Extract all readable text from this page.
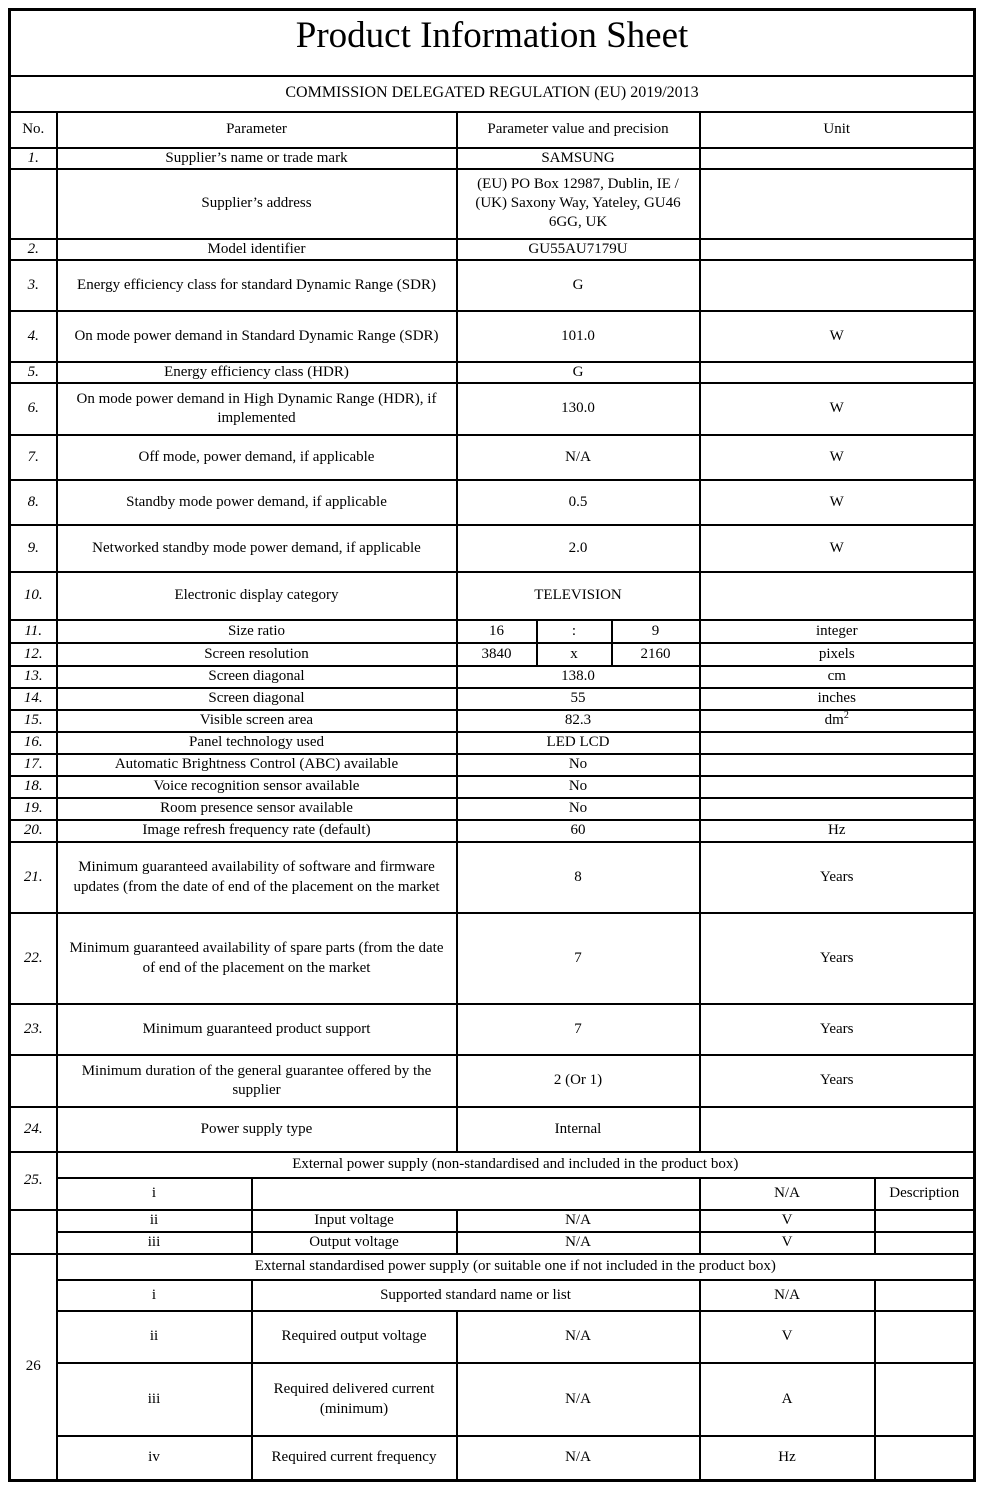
Product Information Sheet							
COMMISSION DELEGATED REGULATION (EU) 2019/2013							
No.	Parameter		Parameter value and precision			Unit	
1.	Supplier’s name or trade mark		SAMSUNG				
	Supplier’s address		(EU) PO Box 12987, Dublin, IE / (UK) Saxony Way, Yateley, GU46 6GG, UK				
2.	Model identifier		GU55AU7179U				
3.	Energy efficiency class for standard Dynamic Range (SDR)		G				
4.	On mode power demand in Standard Dynamic Range (SDR)		101.0			W	
5.	Energy efficiency class (HDR)		G				
6.	On mode power demand in High Dynamic Range (HDR), if implemented		130.0			W	
7.	Off mode, power demand, if applicable		N/A			W	
8.	Standby mode power demand, if applicable		0.5			W	
9.	Networked standby mode power demand, if applicable		2.0			W	
10.	Electronic display category		TELEVISION				
11.	Size ratio		16	:	9	integer	
12.	Screen resolution		3840	x	2160	pixels	
13.	Screen diagonal		138.0			cm	
14.	Screen diagonal		55			inches	
15.	Visible screen area		82.3			$dm^2$
16.	Panel technology used		LED LCD				
17.	Automatic Brightness Control (ABC) available		No				
18.	Voice recognition sensor available		No				
19.	Room presence sensor available		No				
20.	Image refresh frequency rate (default)		60			Hz	
21.	Minimum guaranteed availability of software and firmware updates (from the date of end of the placement on the market		8			Years	
22.	Minimum guaranteed availability of spare parts (from the date of end of the placement on the market		7			Years	
23.	Minimum guaranteed product support		7			Years	
	Minimum duration of the general guarantee offered by the supplier		2 (Or 1)			Years	
24.	Power supply type		Internal				
25.	External power supply (non-standardised and included in the product box)						
	i					N/A	Description
	ii	Input voltage	N/A			V	
	iii	Output voltage	N/A			V	
26	External standardised power supply (or suitable one if not included in the product box)						
	i	Supported standard name or list				N/A	
	ii	Required output voltage	N/A			V	
	iii	Required delivered current (minimum)	N/A			A	
	iv	Required current frequency	N/A			Hz	
